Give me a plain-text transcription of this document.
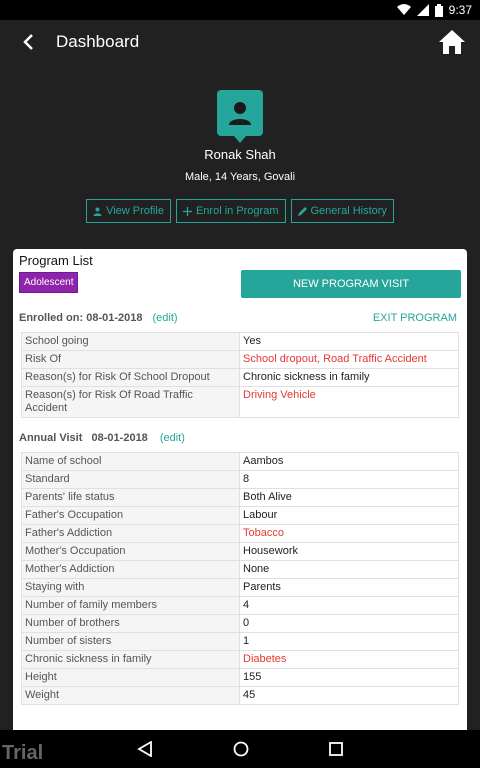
9:37
Dashboard
Ronak Shah
Male, 14 Years, Govali
View Profile	Enrol in Program	General History
Program List
Adolescent	NEW PROGRAM VISIT
Enrolled on: 08-01-2018 (edit)	EXIT PROGRAM
School going	Yes
Risk Of	School dropout, Road Traffic Accident
Reason(s) for Risk Of School Dropout	Chronic sickness in family
Reason(s) for Risk Of Road Traffic Accident	Driving Vehicle
Annual Visit   08-01-2018 (edit)
Name of school	Aambos
Standard	8
Parents' life status	Both Alive
Father's Occupation	Labour
Father's Addiction	Tobacco
Mother's Occupation	Housework
Mother's Addiction	None
Staying with	Parents
Number of family members	4
Number of brothers	0
Number of sisters	1
Chronic sickness in family	Diabetes
Height	155
Weight	45
Trial
